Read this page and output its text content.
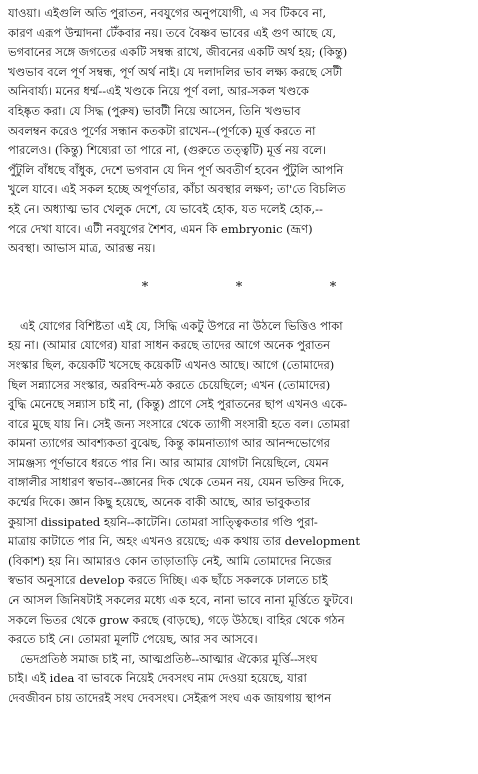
যাওয়া। এইগুলি অতি পুরাতন, নবযুগের অনুপযোগী, এ সব টিকবে না,
কারণ এরূপ উন্মাদনা টেঁকবার নয়। তবে বৈষ্ণব ভাবের এই গুণ আছে যে,
ভগবানের সঙ্গে জগতের একটি সম্বন্ধ রাখে, জীবনের একটি অর্থ হয়; (কিন্তু)
খণ্ডভাব বলে পূর্ণ সম্বন্ধ, পূর্ণ অর্থ নাই। যে দলাদলির ভাব লক্ষ্য করছে সেটী
অনিবার্য্য। মনের ধর্ম্ম--এই খণ্ডকে নিয়ে পূর্ণ বলা, আর-সকল খণ্ডকে
বহিষ্কৃত করা। যে সিদ্ধ (পুরুষ) ভাবটী নিয়ে আসেন, তিনি খণ্ডভাব
অবলম্বন করেও পূর্ণের সন্ধান কতকটা রাখেন--(পূর্ণকে) মূর্ত্ত করতে না
পারলেও। (কিন্তু) শিষ্যেরা তা পারে না, (গুরুতে তত্ত্বটি) মূর্ত্ত নয় বলে।
পুঁটুলি বাঁধছে বাঁধুক, দেশে ভগবান যে দিন পূর্ণ অবতীর্ণ হবেন পুঁটুলি আপনি
খুলে যাবে। এই সকল হচ্ছে অপূর্ণতার, কাঁচা অবস্থার লক্ষণ; তা'তে বিচলিত
হই নে। অধ্যাত্ম ভাব খেলুক দেশে, যে ভাবেই হোক, যত দলেই হোক,--
পরে দেখা যাবে। এটী নবযুগের শৈশব, এমন কি embryonic (ভ্রূণ)
অবস্থা। আভাস মাত্র, আরম্ভ নয়।
*	*	*
এই যোগের বিশিষ্টতা এই যে, সিদ্ধি একটু উপরে না উঠলে ভিত্তিও পাকা
হয় না। (আমার যোগের) যারা সাধন করছে তাদের আগে অনেক পুরাতন
সংস্কার ছিল, কয়েকটি খসেছে কয়েকটি এখনও আছে। আগে (তোমাদের)
ছিল সন্ন্যাসের সংস্কার, অরবিন্দ-মঠ করতে চেয়েছিলে; এখন (তোমাদের)
বুদ্ধি মেনেছে সন্ন্যাস চাই না, (কিন্তু) প্রাণে সেই পুরাতনের ছাপ এখনও একে-
বারে মুছে যায় নি। সেই জন্য সংসারে থেকে ত্যাগী সংসারী হতে বল। তোমরা
কামনা ত্যাগের আবশ্যকতা বুঝেছ, কিন্তু কামনাত্যাগ আর আনন্দভোগের
সামঞ্জস্য পূর্ণভাবে ধরতে পার নি। আর আমার যোগটা নিয়েছিলে, যেমন
বাঙ্গালীর সাধারণ স্বভাব--জ্ঞানের দিক থেকে তেমন নয়, যেমন ভক্তির দিকে,
কর্ম্মের দিকে। জ্ঞান কিছু হয়েছে, অনেক বাকী আছে, আর ভাবুকতার
কুয়াসা dissipated হয়নি--কাটেনি। তোমরা সাত্ত্বিকতার গণ্ডি পুরা-
মাত্রায় কাটাতে পার নি, অহং এখনও রয়েছে; এক কথায় তার development
(বিকাশ) হয় নি। আমারও কোন তাড়াতাড়ি নেই, আমি তোমাদের নিজের
স্বভাব অনুসারে develop করতে দিচ্ছি। এক ছাঁচে সকলকে ঢালতে চাই
নে আসল জিনিষটাই সকলের মধ্যে এক হবে, নানা ভাবে নানা মূর্ত্তিতে ফুটবে।
সকলে ভিতর থেকে grow করছে (বাড়ছে), গড়ে উঠছে। বাহির থেকে গঠন
করতে চাই নে। তোমরা মূলটি পেয়েছ, আর সব আসবে।
ভেদপ্রতিষ্ঠ সমাজ চাই না, আত্মপ্রতিষ্ঠ--আত্মার ঐক্যের মূর্ত্তি--সংঘ
চাই। এই idea বা ভাবকে নিয়েই দেবসংঘ নাম দেওয়া হয়েছে, যারা
দেবজীবন চায় তাদেরই সংঘ দেবসংঘ। সেইরূপ সংঘ এক জায়গায় স্থাপন
